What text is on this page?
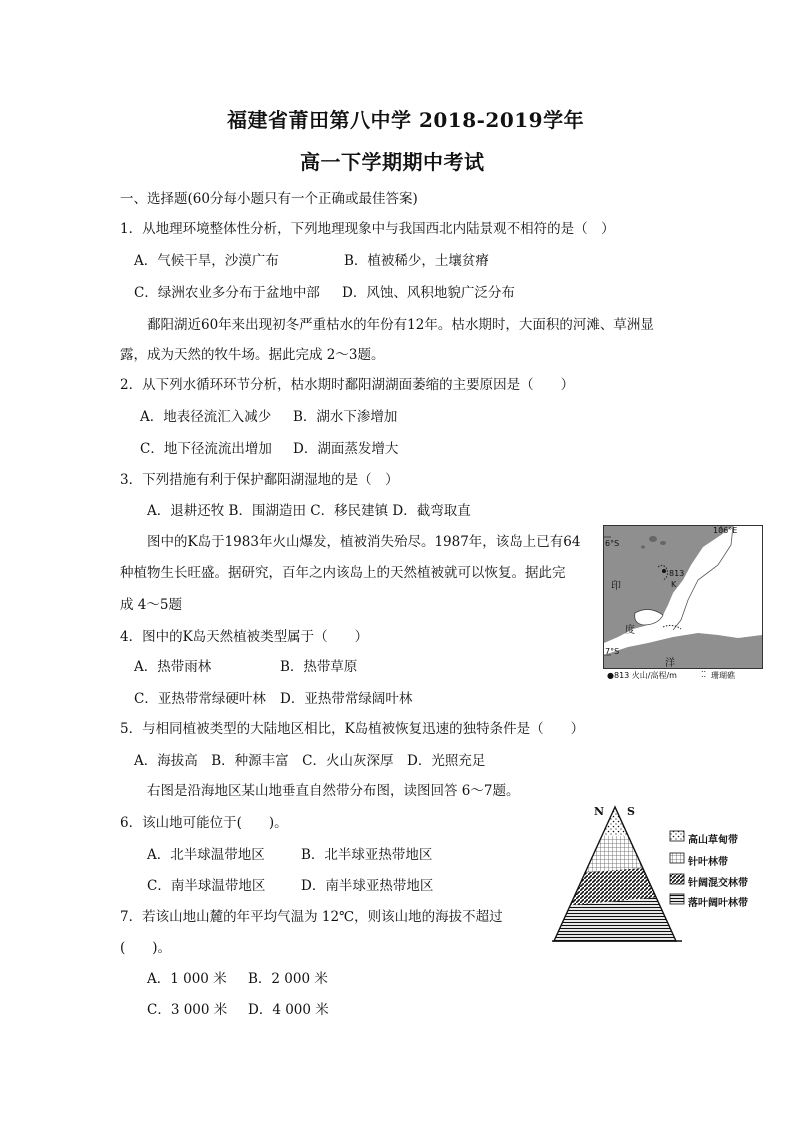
福建省莆田第八中学 2018-2019学年
高一下学期期中考试
一、选择题(60分每小题只有一个正确或最佳答案)
1．从地理环境整体性分析，下列地理现象中与我国西北内陆景观不相符的是（　）
A．气候干旱，沙漠广布	B．植被稀少，土壤贫瘠
C．绿洲农业多分布于盆地中部 D．风蚀、风积地貌广泛分布
鄱阳湖近60年来出现初冬严重枯水的年份有12年。枯水期时，大面积的河滩、草洲显
露，成为天然的牧牛场。据此完成 2～3题。
2．从下列水循环环节分析，枯水期时鄱阳湖湖面萎缩的主要原因是（　　）
A．地表径流汇入减少 B．湖水下渗增加
C．地下径流流出增加 D．湖面蒸发增大
3．下列措施有利于保护鄱阳湖湿地的是（　）
A．退耕还牧 B．围湖造田 C．移民建镇 D．截弯取直
图中的K岛于1983年火山爆发，植被消失殆尽。1987年，该岛上已有64
种植物生长旺盛。据研究，百年之内该岛上的天然植被就可以恢复。据此完
成 4～5题
106°E
6°S
7°S
813
K
印
度
洋
●813 火山/高程/m	⁚⁚ 珊瑚礁
4．图中的K岛天然植被类型属于（　　）
A．热带雨林	B．热带草原
C．亚热带常绿硬叶林 D．亚热带常绿阔叶林
5．与相同植被类型的大陆地区相比，K岛植被恢复迅速的独特条件是（　　）
A．海拔高　B．种源丰富　C．火山灰深厚　D．光照充足
右图是沿海地区某山地垂直自然带分布图，读图回答 6～7题。
6．该山地可能位于(　　)。
A．北半球温带地区	B．北半球亚热带地区
C．南半球温带地区	D．南半球亚热带地区
7．若该山地山麓的年平均气温为 12℃，则该山地的海拔不超过
(　　)。
A．1 000 米 B．2 000 米
C．3 000 米 D．4 000 米
N S
高山草甸带
针叶林带
针阔混交林带
落叶阔叶林带
